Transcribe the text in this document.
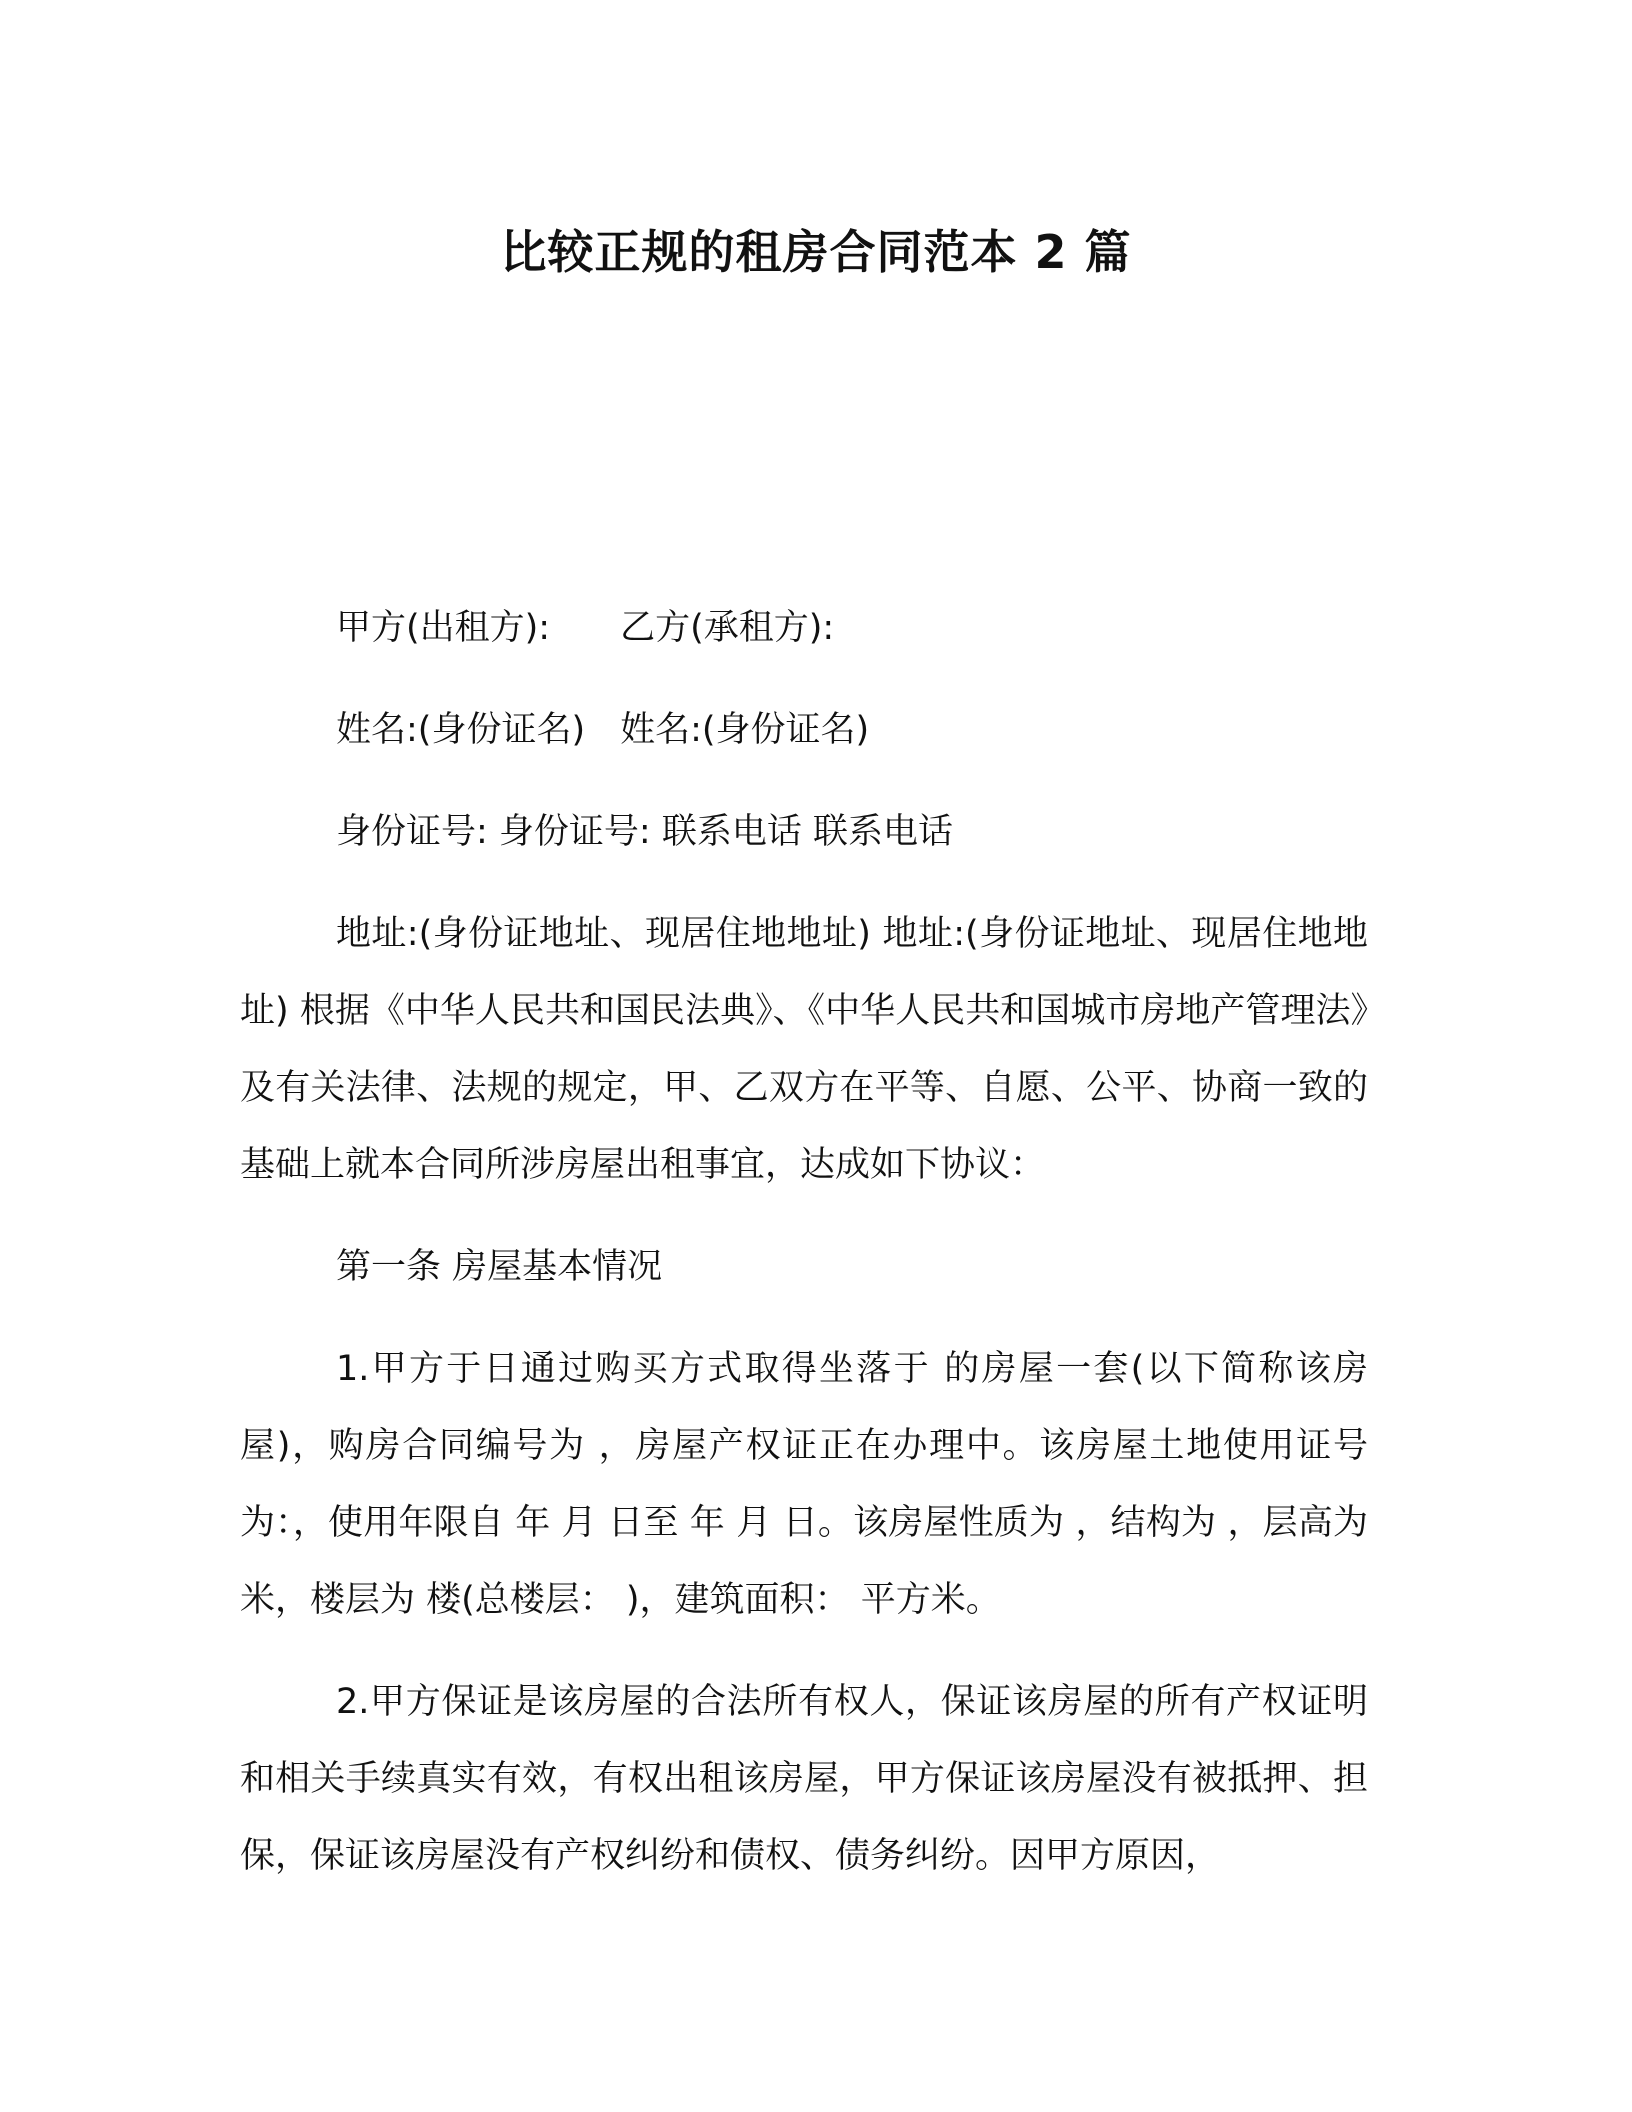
比较正规的租房合同范本 2 篇

甲方(出租方):　　乙方(承租方):

姓名:(身份证名)　姓名:(身份证名)

身份证号: 身份证号: 联系电话 联系电话

地址:(身份证地址、现居住地地址) 地址:(身份证地址、现居住地地址) 根据《中华人民共和国民法典》、《中华人民共和国城市房地产管理法》及有关法律、法规的规定，甲、乙双方在平等、自愿、公平、协商一致的基础上就本合同所涉房屋出租事宜，达成如下协议：

第一条 房屋基本情况

1.甲方于日通过购买方式取得坐落于 的房屋一套(以下简称该房屋)，购房合同编号为 ，房屋产权证正在办理中。该房屋土地使用证号为：，使用年限自 年 月 日至 年 月 日。该房屋性质为 ，结构为 ，层高为 米，楼层为 楼(总楼层： )，建筑面积： 平方米。

2.甲方保证是该房屋的合法所有权人，保证该房屋的所有产权证明和相关手续真实有效，有权出租该房屋，甲方保证该房屋没有被抵押、担保，保证该房屋没有产权纠纷和债权、债务纠纷。因甲方原因，
